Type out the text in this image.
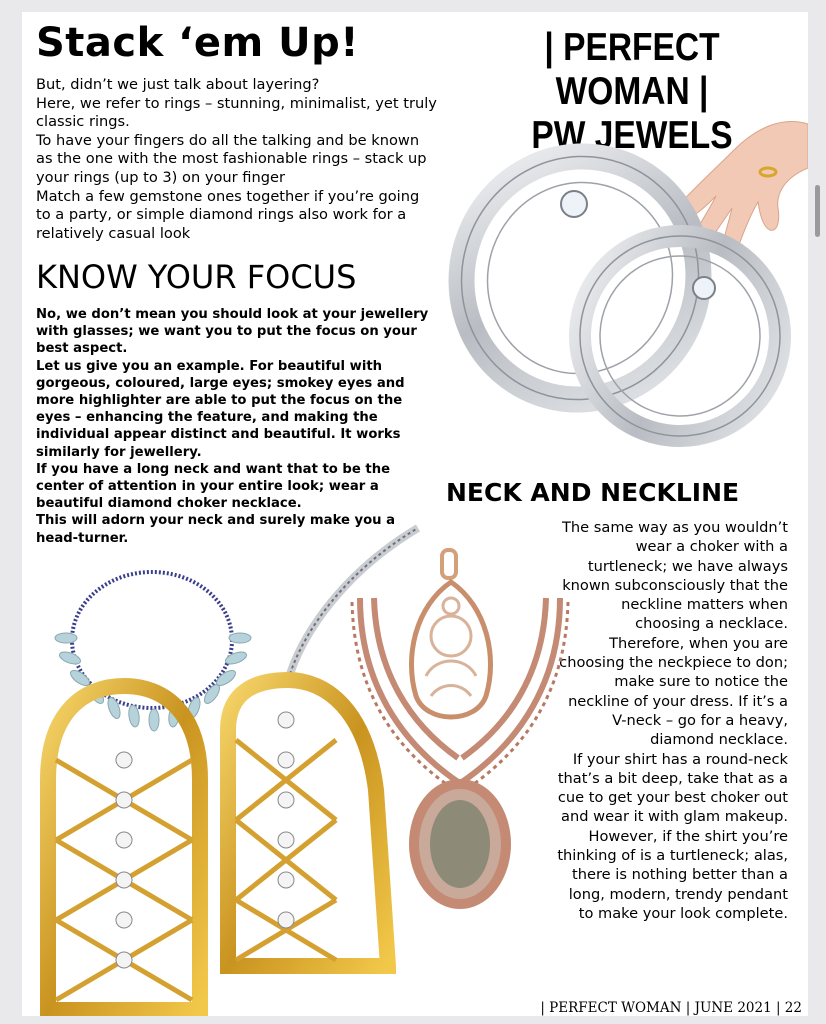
Stack ‘em Up!	| PERFECT WOMAN |
PW JEWELS

But, didn’t we just talk about layering?

Here, we refer to rings – stunning, minimalist, yet truly classic rings.

To have your fingers do all the talking and be known as the one with the most fashionable rings – stack up your rings (up to 3) on your finger

Match a few gemstone ones together if you’re going to a party, or simple diamond rings also work for a relatively casual look

KNOW YOUR FOCUS

No, we don’t mean you should look at your jewellery with glasses; we want you to put the focus on your best aspect.

Let us give you an example. For beautiful with gorgeous, coloured, large eyes; smokey eyes and more highlighter are able to put the focus on the eyes – enhancing the feature, and making the individual appear distinct and beautiful. It works similarly for jewellery.

If you have a long neck and want that to be the center of attention in your entire look; wear a beautiful diamond choker necklace.

This will adorn your neck and surely make you a head-turner.

NECK AND NECKLINE

The same way as you wouldn’t wear a choker with a turtleneck; we have always known subconsciously that the neckline matters when choosing a necklace.

Therefore, when you are choosing the neckpiece to don; make sure to notice the neckline of your dress. If it’s a V-neck – go for a heavy, diamond necklace.

If your shirt has a round-neck that’s a bit deep, take that as a cue to get your best choker out and wear it with glam makeup.

However, if the shirt you’re thinking of is a turtleneck; alas, there is nothing better than a long, modern, trendy pendant to make your look complete.

| PERFECT WOMAN | JUNE 2021 | 22
